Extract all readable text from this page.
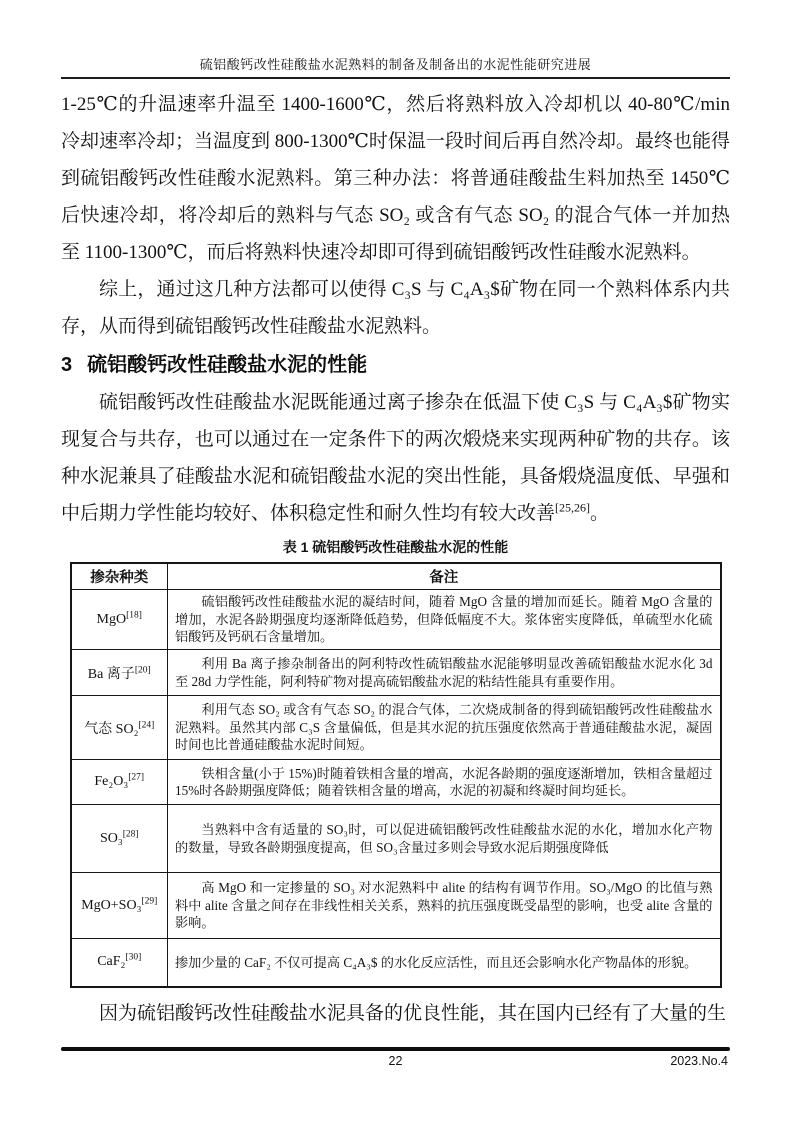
硫铝酸钙改性硅酸盐水泥熟料的制备及制备出的水泥性能研究进展

1-25℃的升温速率升温至 1400-1600℃，然后将熟料放入冷却机以 40-80℃/min 冷却速率冷却；当温度到 800-1300℃时保温一段时间后再自然冷却。最终也能得到硫铝酸钙改性硅酸水泥熟料。第三种办法：将普通硅酸盐生料加热至 1450℃后快速冷却，将冷却后的熟料与气态 SO₂ 或含有气态 SO₂ 的混合气体一并加热至 1100-1300℃，而后将熟料快速冷却即可得到硫铝酸钙改性硅酸水泥熟料。

综上，通过这几种方法都可以使得 C₃S 与 C₄A₃$矿物在同一个熟料体系内共存，从而得到硫铝酸钙改性硅酸盐水泥熟料。

3 硫铝酸钙改性硅酸盐水泥的性能

硫铝酸钙改性硅酸盐水泥既能通过离子掺杂在低温下使 C₃S 与 C₄A₃$矿物实现复合与共存，也可以通过在一定条件下的两次煅烧来实现两种矿物的共存。该种水泥兼具了硅酸盐水泥和硫铝酸盐水泥的突出性能，具备煅烧温度低、早强和中后期力学性能均较好、体积稳定性和耐久性均有较大改善[25,26]。

表 1 硫铝酸钙改性硅酸盐水泥的性能
掺杂种类	备注
MgO[18]	硫铝酸钙改性硅酸盐水泥的凝结时间，随着 MgO 含量的增加而延长。随着 MgO 含量的增加，水泥各龄期强度均逐渐降低趋势，但降低幅度不大。浆体密实度降低，单硫型水化硫铝酸钙及钙矾石含量增加。

Ba 离子[20]	利用 Ba 离子掺杂制备出的阿利特改性硫铝酸盐水泥能够明显改善硫铝酸盐水泥水化 3d 至 28d 力学性能，阿利特矿物对提高硫铝酸盐水泥的粘结性能具有重要作用。

气态 SO₂[24]	利用气态 SO₂ 或含有气态 SO₂ 的混合气体，二次烧成制备的得到硫铝酸钙改性硅酸盐水泥熟料。虽然其内部 C₃S 含量偏低，但是其水泥的抗压强度依然高于普通硅酸盐水泥，凝固时间也比普通硅酸盐水泥时间短。

Fe₂O₃[27]	铁相含量(小于 15%)时随着铁相含量的增高，水泥各龄期的强度逐渐增加，铁相含量超过 15%时各龄期强度降低；随着铁相含量的增高，水泥的初凝和终凝时间均延长。

SO₃[28]	当熟料中含有适量的 SO₃时，可以促进硫铝酸钙改性硅酸盐水泥的水化，增加水化产物的数量，导致各龄期强度提高，但 SO₃含量过多则会导致水泥后期强度降低

MgO+SO₃[29]	高 MgO 和一定掺量的 SO₃ 对水泥熟料中 alite 的结构有调节作用。SO₃/MgO 的比值与熟料中 alite 含量之间存在非线性相关关系，熟料的抗压强度既受晶型的影响，也受 alite 含量的影响。

CaF₂[30]	掺加少量的 CaF₂ 不仅可提高 C₄A₃$ 的水化反应活性，而且还会影响水化产物晶体的形貌。

因为硫铝酸钙改性硅酸盐水泥具备的优良性能，其在国内已经有了大量的生

22	2023.No.4
